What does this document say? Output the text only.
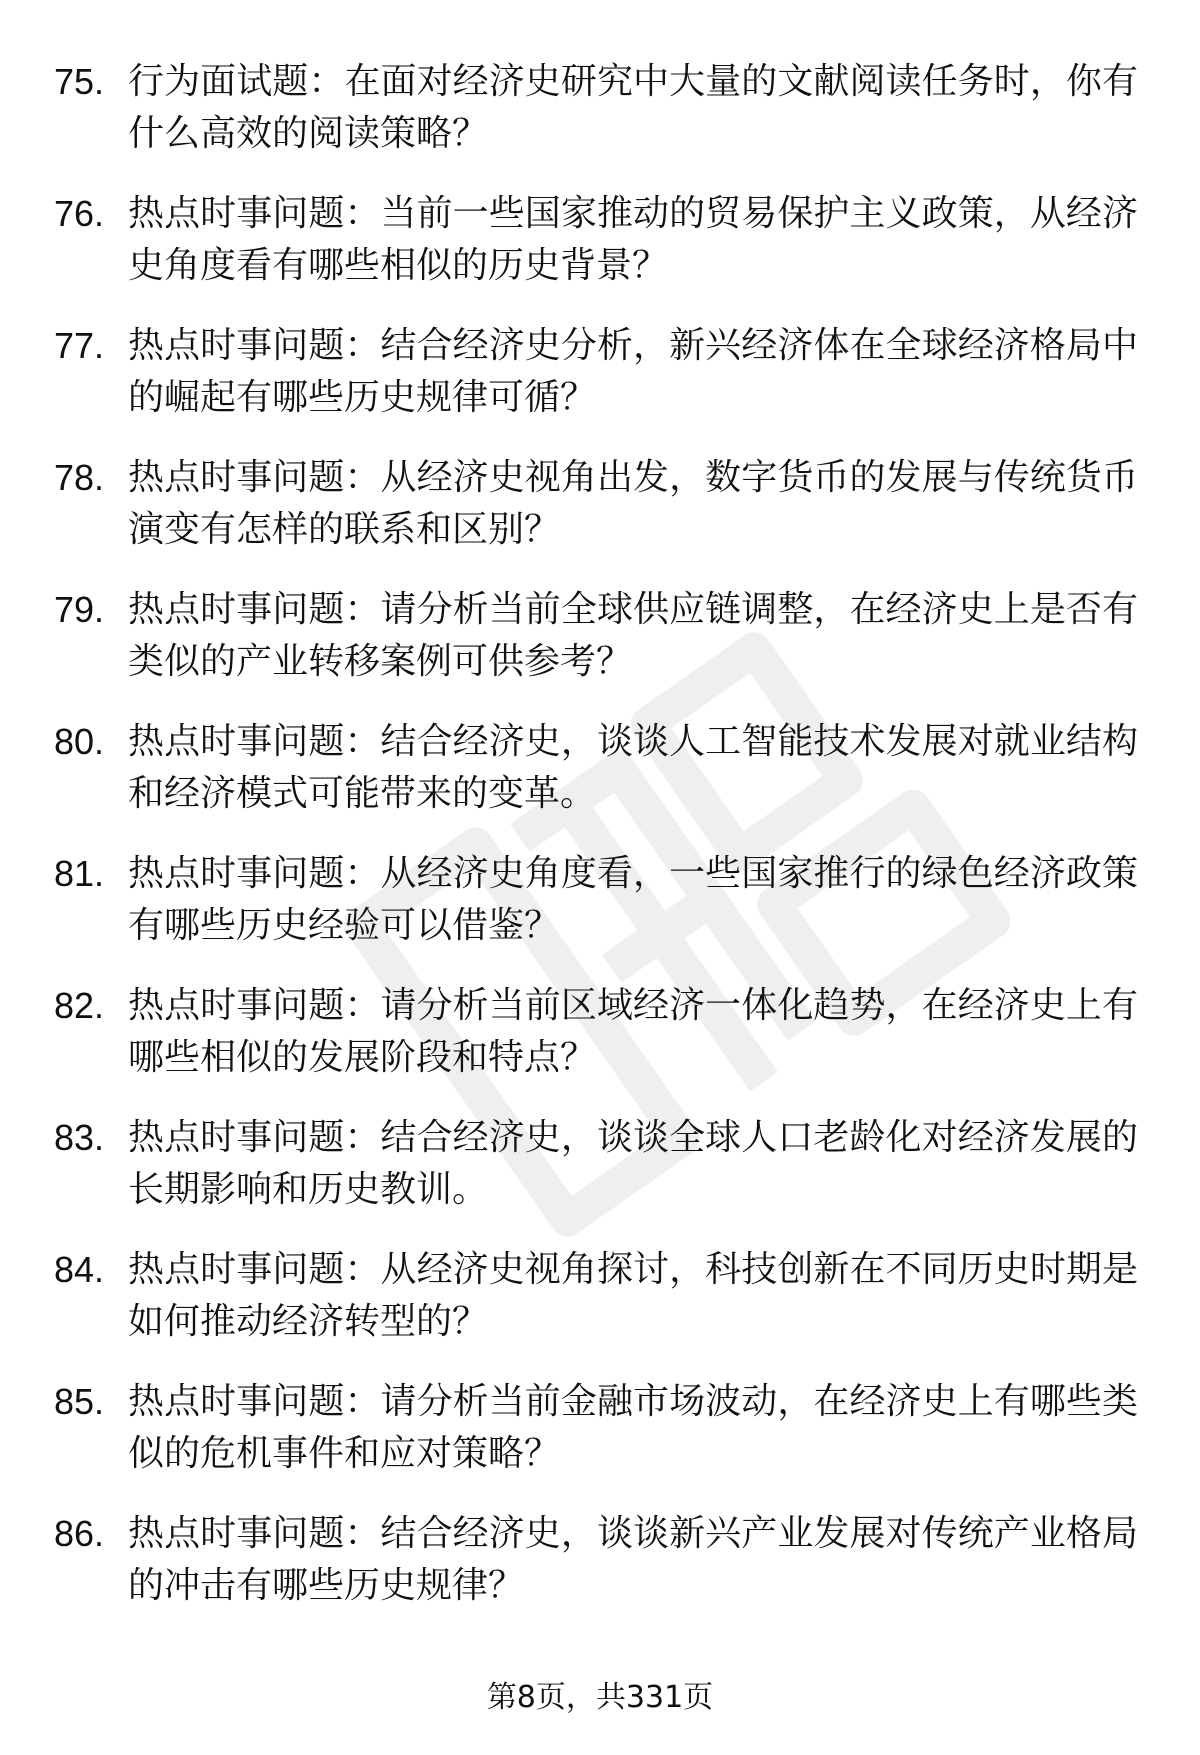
75. 行为面试题：在面对经济史研究中大量的文献阅读任务时，你有什么高效的阅读策略？
76. 热点时事问题：当前一些国家推动的贸易保护主义政策，从经济史角度看有哪些相似的历史背景？
77. 热点时事问题：结合经济史分析，新兴经济体在全球经济格局中的崛起有哪些历史规律可循？
78. 热点时事问题：从经济史视角出发，数字货币的发展与传统货币演变有怎样的联系和区别？
79. 热点时事问题：请分析当前全球供应链调整，在经济史上是否有类似的产业转移案例可供参考？
80. 热点时事问题：结合经济史，谈谈人工智能技术发展对就业结构和经济模式可能带来的变革。
81. 热点时事问题：从经济史角度看，一些国家推行的绿色经济政策有哪些历史经验可以借鉴？
82. 热点时事问题：请分析当前区域经济一体化趋势，在经济史上有哪些相似的发展阶段和特点？
83. 热点时事问题：结合经济史，谈谈全球人口老龄化对经济发展的长期影响和历史教训。
84. 热点时事问题：从经济史视角探讨，科技创新在不同历史时期是如何推动经济转型的？
85. 热点时事问题：请分析当前金融市场波动，在经济史上有哪些类似的危机事件和应对策略？
86. 热点时事问题：结合经济史，谈谈新兴产业发展对传统产业格局的冲击有哪些历史规律？
第8页，共331页
